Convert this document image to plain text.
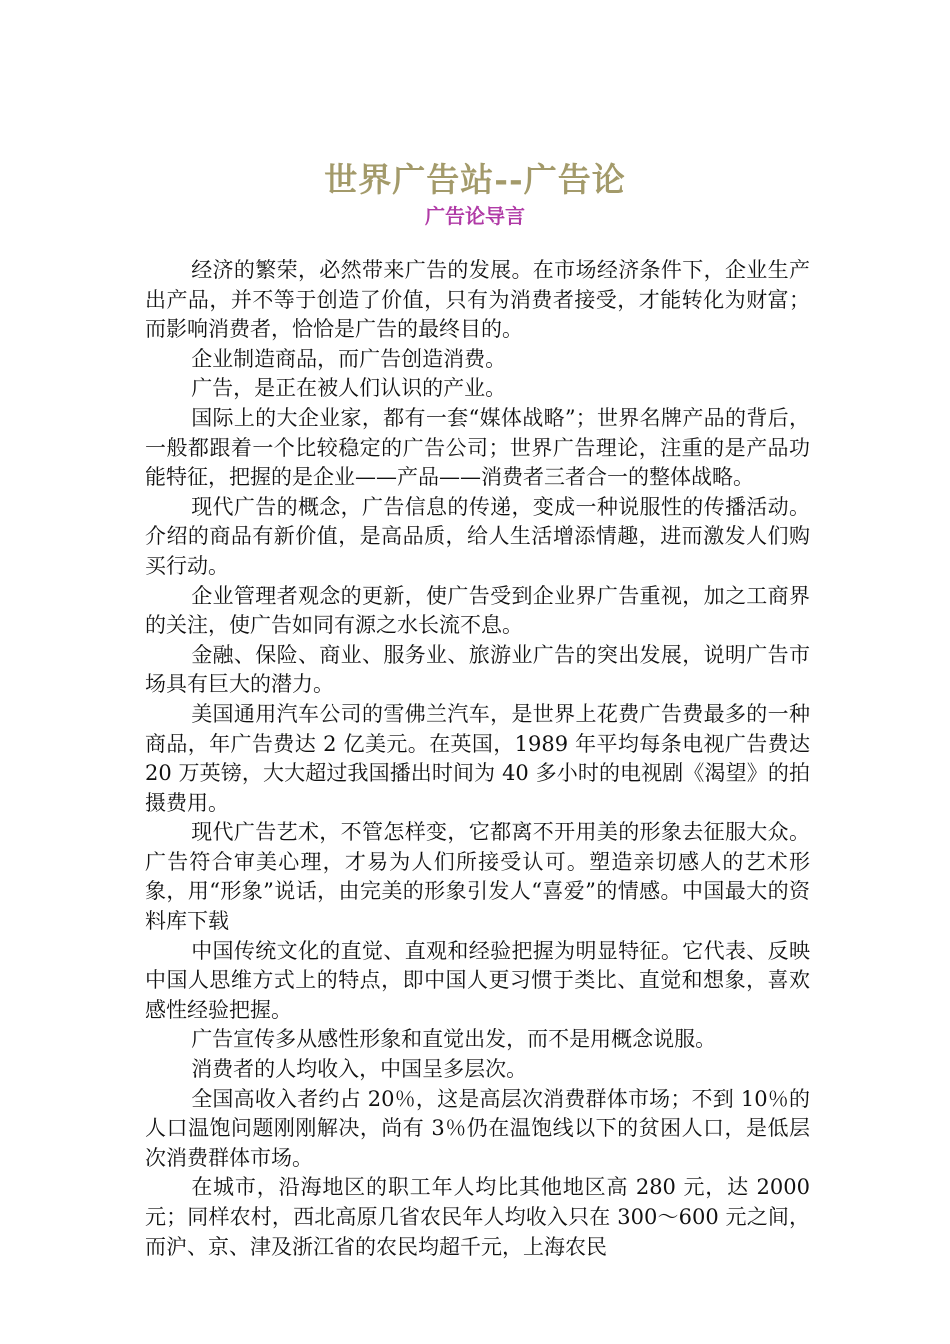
世界广告站--广告论
广告论导言

经济的繁荣，必然带来广告的发展。在市场经济条件下，企业生产出产品，并不等于创造了价值，只有为消费者接受，才能转化为财富；而影响消费者，恰恰是广告的最终目的。

企业制造商品，而广告创造消费。

广告，是正在被人们认识的产业。

国际上的大企业家，都有一套“媒体战略”；世界名牌产品的背后，一般都跟着一个比较稳定的广告公司；世界广告理论，注重的是产品功能特征，把握的是企业——产品——消费者三者合一的整体战略。

现代广告的概念，广告信息的传递，变成一种说服性的传播活动。介绍的商品有新价值，是高品质，给人生活增添情趣，进而激发人们购买行动。

企业管理者观念的更新，使广告受到企业界广告重视，加之工商界的关注，使广告如同有源之水长流不息。

金融、保险、商业、服务业、旅游业广告的突出发展，说明广告市场具有巨大的潜力。

美国通用汽车公司的雪佛兰汽车，是世界上花费广告费最多的一种商品，年广告费达 2 亿美元。在英国，1989 年平均每条电视广告费达 20 万英镑，大大超过我国播出时间为 40 多小时的电视剧《渴望》的拍摄费用。

现代广告艺术，不管怎样变，它都离不开用美的形象去征服大众。广告符合审美心理，才易为人们所接受认可。塑造亲切感人的艺术形象，用“形象”说话，由完美的形象引发人“喜爱”的情感。中国最大的资料库下载

中国传统文化的直觉、直观和经验把握为明显特征。它代表、反映中国人思维方式上的特点，即中国人更习惯于类比、直觉和想象，喜欢感性经验把握。

广告宣传多从感性形象和直觉出发，而不是用概念说服。

消费者的人均收入，中国呈多层次。

全国高收入者约占 20％，这是高层次消费群体市场；不到 10％的人口温饱问题刚刚解决，尚有 3％仍在温饱线以下的贫困人口，是低层次消费群体市场。

在城市，沿海地区的职工年人均比其他地区高 280 元，达 2000 元；同样农村，西北高原几省农民年人均收入只在 300～600 元之间，而沪、京、津及浙江省的农民均超千元，上海农民
